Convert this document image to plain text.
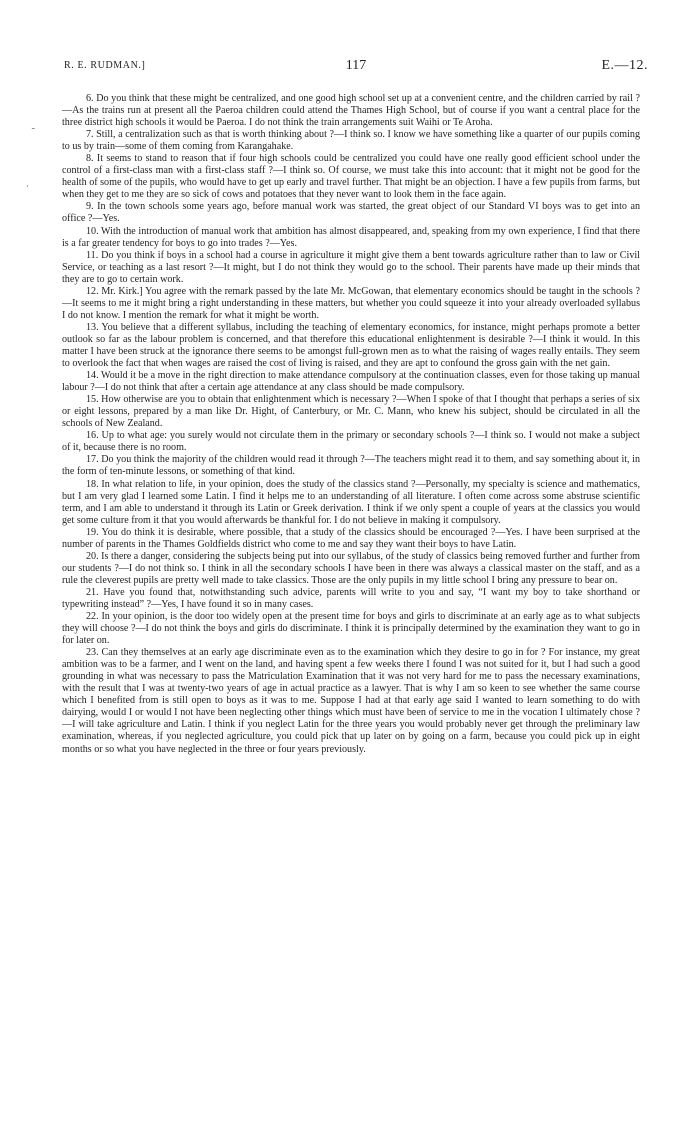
R. E. RUDMAN.]	117	E.—12.
˜
·

6. Do you think that these might be centralized, and one good high school set up at a convenient centre, and the children carried by rail ?—As the trains run at present all the Paeroa children could attend the Thames High School, but of course if you want a central place for the three district high schools it would be Paeroa. I do not think the train arrangements suit Waihi or Te Aroha.

7. Still, a centralization such as that is worth thinking about ?—I think so. I know we have something like a quarter of our pupils coming to us by train—some of them coming from Karangahake.

8. It seems to stand to reason that if four high schools could be centralized you could have one really good efficient school under the control of a first-class man with a first-class staff ?—I think so. Of course, we must take this into account: that it might not be good for the health of some of the pupils, who would have to get up early and travel further. That might be an objection. I have a few pupils from farms, but when they get to me they are so sick of cows and potatoes that they never want to look them in the face again.

9. In the town schools some years ago, before manual work was started, the great object of our Standard VI boys was to get into an office ?—Yes.

10. With the introduction of manual work that ambition has almost disappeared, and, speaking from my own experience, I find that there is a far greater tendency for boys to go into trades ?—Yes.

11. Do you think if boys in a school had a course in agriculture it might give them a bent towards agriculture rather than to law or Civil Service, or teaching as a last resort ?—It might, but I do not think they would go to the school. Their parents have made up their minds that they are to go to certain work.

12. Mr. Kirk.] You agree with the remark passed by the late Mr. McGowan, that elementary economics should be taught in the schools ?—It seems to me it might bring a right understanding in these matters, but whether you could squeeze it into your already overloaded syllabus I do not know. I mention the remark for what it might be worth.

13. You believe that a different syllabus, including the teaching of elementary economics, for instance, might perhaps promote a better outlook so far as the labour problem is concerned, and that therefore this educational enlightenment is desirable ?—I think it would. In this matter I have been struck at the ignorance there seems to be amongst full-grown men as to what the raising of wages really entails. They seem to overlook the fact that when wages are raised the cost of living is raised, and they are apt to confound the gross gain with the net gain.

14. Would it be a move in the right direction to make attendance compulsory at the continuation classes, even for those taking up manual labour ?—I do not think that after a certain age attendance at any class should be made compulsory.

15. How otherwise are you to obtain that enlightenment which is necessary ?—When I spoke of that I thought that perhaps a series of six or eight lessons, prepared by a man like Dr. Hight, of Canterbury, or Mr. C. Mann, who knew his subject, should be circulated in all the schools of New Zealand.

16. Up to what age: you surely would not circulate them in the primary or secondary schools ?—I think so. I would not make a subject of it, because there is no room.

17. Do you think the majority of the children would read it through ?—The teachers might read it to them, and say something about it, in the form of ten-minute lessons, or something of that kind.

18. In what relation to life, in your opinion, does the study of the classics stand ?—Personally, my specialty is science and mathematics, but I am very glad I learned some Latin. I find it helps me to an understanding of all literature. I often come across some abstruse scientific term, and I am able to understand it through its Latin or Greek derivation. I think if we only spent a couple of years at the classics you would get some culture from it that you would afterwards be thankful for. I do not believe in making it compulsory.

19. You do think it is desirable, where possible, that a study of the classics should be encouraged ?—Yes. I have been surprised at the number of parents in the Thames Goldfields district who come to me and say they want their boys to have Latin.

20. Is there a danger, considering the subjects being put into our syllabus, of the study of classics being removed further and further from our students ?—I do not think so. I think in all the secondary schools I have been in there was always a classical master on the staff, and as a rule the cleverest pupils are pretty well made to take classics. Those are the only pupils in my little school I bring any pressure to bear on.

21. Have you found that, notwithstanding such advice, parents will write to you and say, “I want my boy to take shorthand or typewriting instead” ?—Yes, I have found it so in many cases.

22. In your opinion, is the door too widely open at the present time for boys and girls to discriminate at an early age as to what subjects they will choose ?—I do not think the boys and girls do discriminate. I think it is principally determined by the examination they want to go in for later on.

23. Can they themselves at an early age discriminate even as to the examination which they desire to go in for ? For instance, my great ambition was to be a farmer, and I went on the land, and having spent a few weeks there I found I was not suited for it, but I had such a good grounding in what was necessary to pass the Matriculation Examination that it was not very hard for me to pass the necessary examinations, with the result that I was at twenty-two years of age in actual practice as a lawyer. That is why I am so keen to see whether the same course which I benefited from is still open to boys as it was to me. Suppose I had at that early age said I wanted to learn something to do with dairying, would I or would I not have been neglecting other things which must have been of service to me in the vocation I ultimately chose ?—I will take agriculture and Latin. I think if you neglect Latin for the three years you would probably never get through the preliminary law examination, whereas, if you neglected agriculture, you could pick that up later on by going on a farm, because you could pick up in eight months or so what you have neglected in the three or four years previously.
